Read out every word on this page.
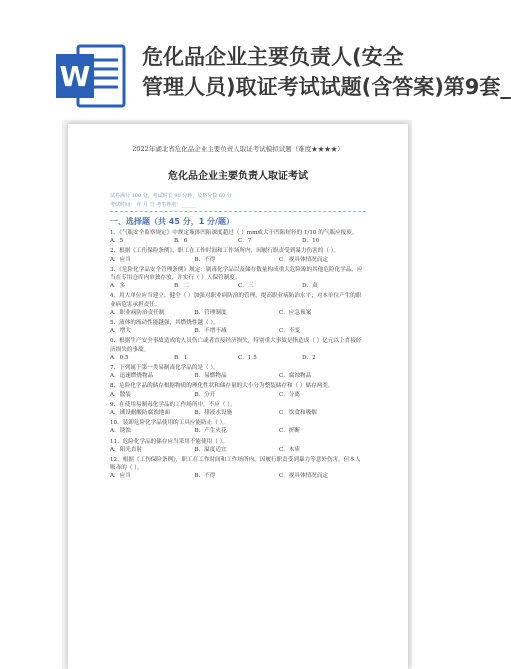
W
危化品企业主要负责人(安全
管理人员)取证考试试题(含答案)第9套_
2022年湖北省危化品企业主要负责人取证考试模拟试题（难度★★★★）
危化品企业主要负责人取证考试
试卷满分 100 分，考试时长 90 分钟，及格分数 60 分
考试时间： 年 月 日 考生姓名：______
一、选择题（共 45 分，1 分/题）
1、《气瓶安全监察规定》中规定瓶体凹陷深度超过（ ）mm或大于凹陷短径的 1/10 的气瓶应报废。
A．5	B．6	C．7	D．10
2、根据《工伤保险条例》，职工在工作时间和工作场所内，因履行职责受到暴力伤害的（ ）。
A．应当	B．不得	C．视具体情况而定
3、《危险化学品安全管理条例》规定：剧毒化学品以及储存数量构成重大危险源的其他危险化学品，应当在专用仓库内单独存放，并实行（ ）人保管制度。
A．多	B．二	C．三	D．双
4、用人单位应当建立、健全（ ）加强对职业病防治的管理，提高职业病防治水平；对本单位产生的职业病危害承担责任。
A．职业病防治责任制	B．管理制度	C．应急预案
5、液体的流动性能越强，其燃烧性越（ ）。
A．增大	B．不增不减	C．不变
6、根据生产安全事故造成的人员伤亡或者直接经济损失，特别重大事故是指造成（ ）亿元以上直接经济损失的事故。
A．0.5	B．1	C．1.5	D．2
7、下列属于第一类易制毒化学品的是（ ）。
A．迅速燃烧物品	B．易燃物品	C．腐蚀物品
8、危险化学品的储存根据物质的理化性状和储存量的大小分为整装储存和（ ）储存两类。
A．散装	B．分开	C．分离
9、在使用易制毒化学品的工作场所中，不应（ ）。
A．铺设耐酸防腐蚀地面	B．排液水设施	C．饮食和吸烟
10、装卸危险化学品使用的工具应能防止（ ）。
A．锈蚀	B．产生火花	C．折断
11、危险化学品的储存应当采用不能使用（ ）。
A．阳光直射	B．温度适宜	C．木质
12、根据《工伤保险条例》，职工在工作时间和工作场所内，因履行职责受到暴力等意外伤害，但本人吸毒的（ ）。
A．应当	B．不得	C．视具体情况而定
